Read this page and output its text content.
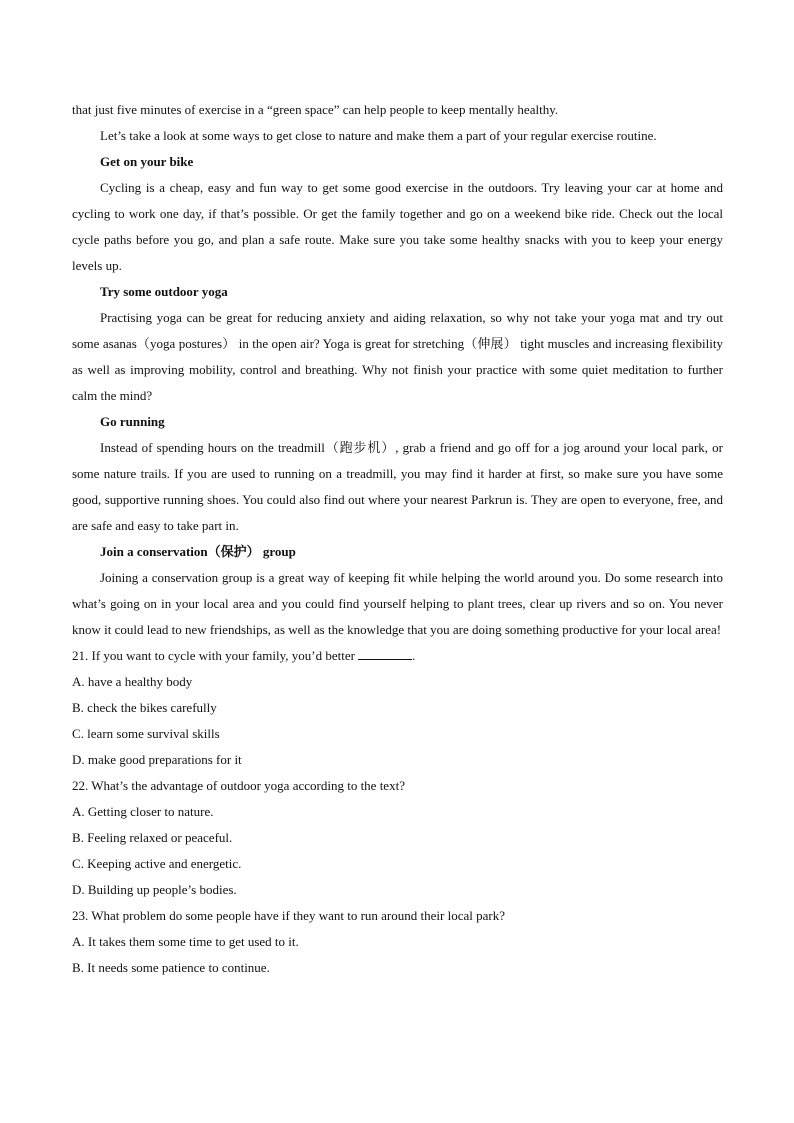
that just five minutes of exercise in a “green space” can help people to keep mentally healthy.

Let’s take a look at some ways to get close to nature and make them a part of your regular exercise routine.

Get on your bike

Cycling is a cheap, easy and fun way to get some good exercise in the outdoors. Try leaving your car at home and cycling to work one day, if that’s possible. Or get the family together and go on a weekend bike ride. Check out the local cycle paths before you go, and plan a safe route. Make sure you take some healthy snacks with you to keep your energy levels up.

Try some outdoor yoga

Practising yoga can be great for reducing anxiety and aiding relaxation, so why not take your yoga mat and try out some asanas（yoga postures） in the open air? Yoga is great for stretching（伸展） tight muscles and increasing flexibility as well as improving mobility, control and breathing. Why not finish your practice with some quiet meditation to further calm the mind?

Go running

Instead of spending hours on the treadmill（跑步机）, grab a friend and go off for a jog around your local park, or some nature trails. If you are used to running on a treadmill, you may find it harder at first, so make sure you have some good, supportive running shoes. You could also find out where your nearest Parkrun is. They are open to everyone, free, and are safe and easy to take part in.

Join a conservation（保护） group

Joining a conservation group is a great way of keeping fit while helping the world around you. Do some research into what’s going on in your local area and you could find yourself helping to plant trees, clear up rivers and so on. You never know it could lead to new friendships, as well as the knowledge that you are doing something productive for your local area!

21. If you want to cycle with your family, you’d better	.

A. have a healthy body

B. check the bikes carefully

C. learn some survival skills

D. make good preparations for it

22. What’s the advantage of outdoor yoga according to the text?

A. Getting closer to nature.

B. Feeling relaxed or peaceful.

C. Keeping active and energetic.

D. Building up people’s bodies.

23. What problem do some people have if they want to run around their local park?

A. It takes them some time to get used to it.

B. It needs some patience to continue.
